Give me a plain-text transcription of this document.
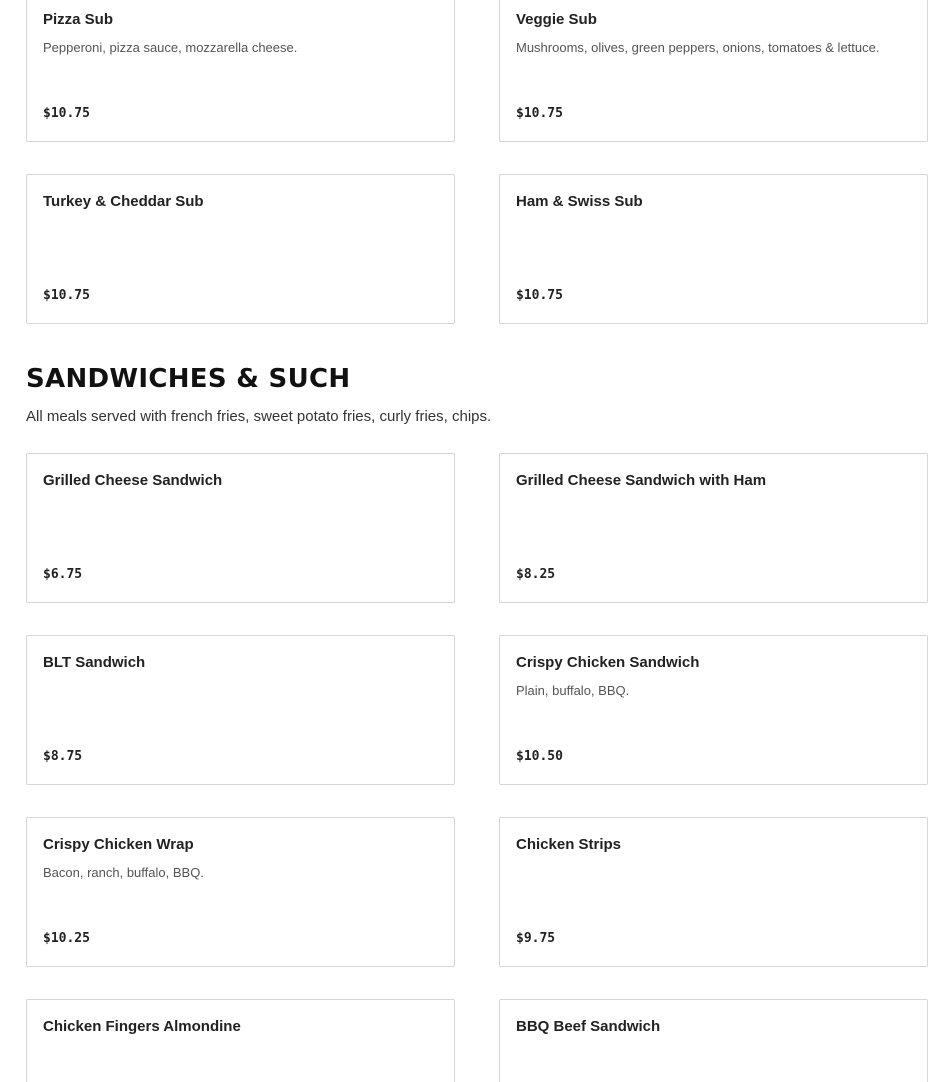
Pizza Sub
Pepperoni, pizza sauce, mozzarella cheese.
$10.75
Veggie Sub
Mushrooms, olives, green peppers, onions, tomatoes & lettuce.
$10.75
Turkey & Cheddar Sub
$10.75
Ham & Swiss Sub
$10.75
SANDWICHES & SUCH

All meals served with french fries, sweet potato fries, curly fries, chips.

Grilled Cheese Sandwich
$6.75
Grilled Cheese Sandwich with Ham
$8.25
BLT Sandwich
$8.75
Crispy Chicken Sandwich
Plain, buffalo, BBQ.
$10.50
Crispy Chicken Wrap
Bacon, ranch, buffalo, BBQ.
$10.25
Chicken Strips
$9.75
Chicken Fingers Almondine	BBQ Beef Sandwich
